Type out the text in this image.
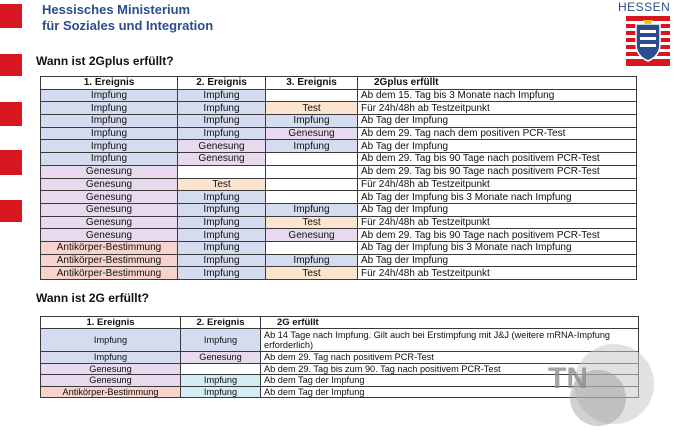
Hessisches Ministerium
für Soziales und Integration
HESSEN
Wann ist 2Gplus erfüllt?
1. Ereignis	2. Ereignis	3. Ereignis	2Gplus erfüllt
Impfung	Impfung		Ab dem 15. Tag bis 3 Monate nach Impfung
Impfung	Impfung	Test	Für 24h/48h ab Testzeitpunkt
Impfung	Impfung	Impfung	Ab Tag der Impfung
Impfung	Impfung	Genesung	Ab dem 29. Tag nach dem positiven PCR-Test
Impfung	Genesung	Impfung	Ab Tag der Impfung
Impfung	Genesung		Ab dem 29. Tag bis 90 Tage nach positivem PCR-Test
Genesung			Ab dem 29. Tag bis 90 Tage nach positivem PCR-Test
Genesung	Test		Für 24h/48h ab Testzeitpunkt
Genesung	Impfung		Ab Tag der Impfung bis 3 Monate nach Impfung
Genesung	Impfung	Impfung	Ab Tag der Impfung
Genesung	Impfung	Test	Für 24h/48h ab Testzeitpunkt
Genesung	Impfung	Genesung	Ab dem 29. Tag bis 90 Tage nach positivem PCR-Test
Antikörper-Bestimmung	Impfung		Ab Tag der Impfung bis 3 Monate nach Impfung
Antikörper-Bestimmung	Impfung	Impfung	Ab Tag der Impfung
Antikörper-Bestimmung	Impfung	Test	Für 24h/48h ab Testzeitpunkt
Wann ist 2G erfüllt?
1. Ereignis	2. Ereignis	2G erfüllt
Impfung	Impfung	Ab 14 Tage nach Impfung. Gilt auch bei Erstimpfung mit J&J (weitere mRNA-Impfung erforderlich)
Impfung	Genesung	Ab dem 29. Tag nach positivem PCR-Test
Genesung		Ab dem 29. Tag bis zum 90. Tag nach positivem PCR-Test
Genesung	Impfung	Ab dem Tag der Impfung
Antikörper-Bestimmung	Impfung	Ab dem Tag der Impfung	TN
